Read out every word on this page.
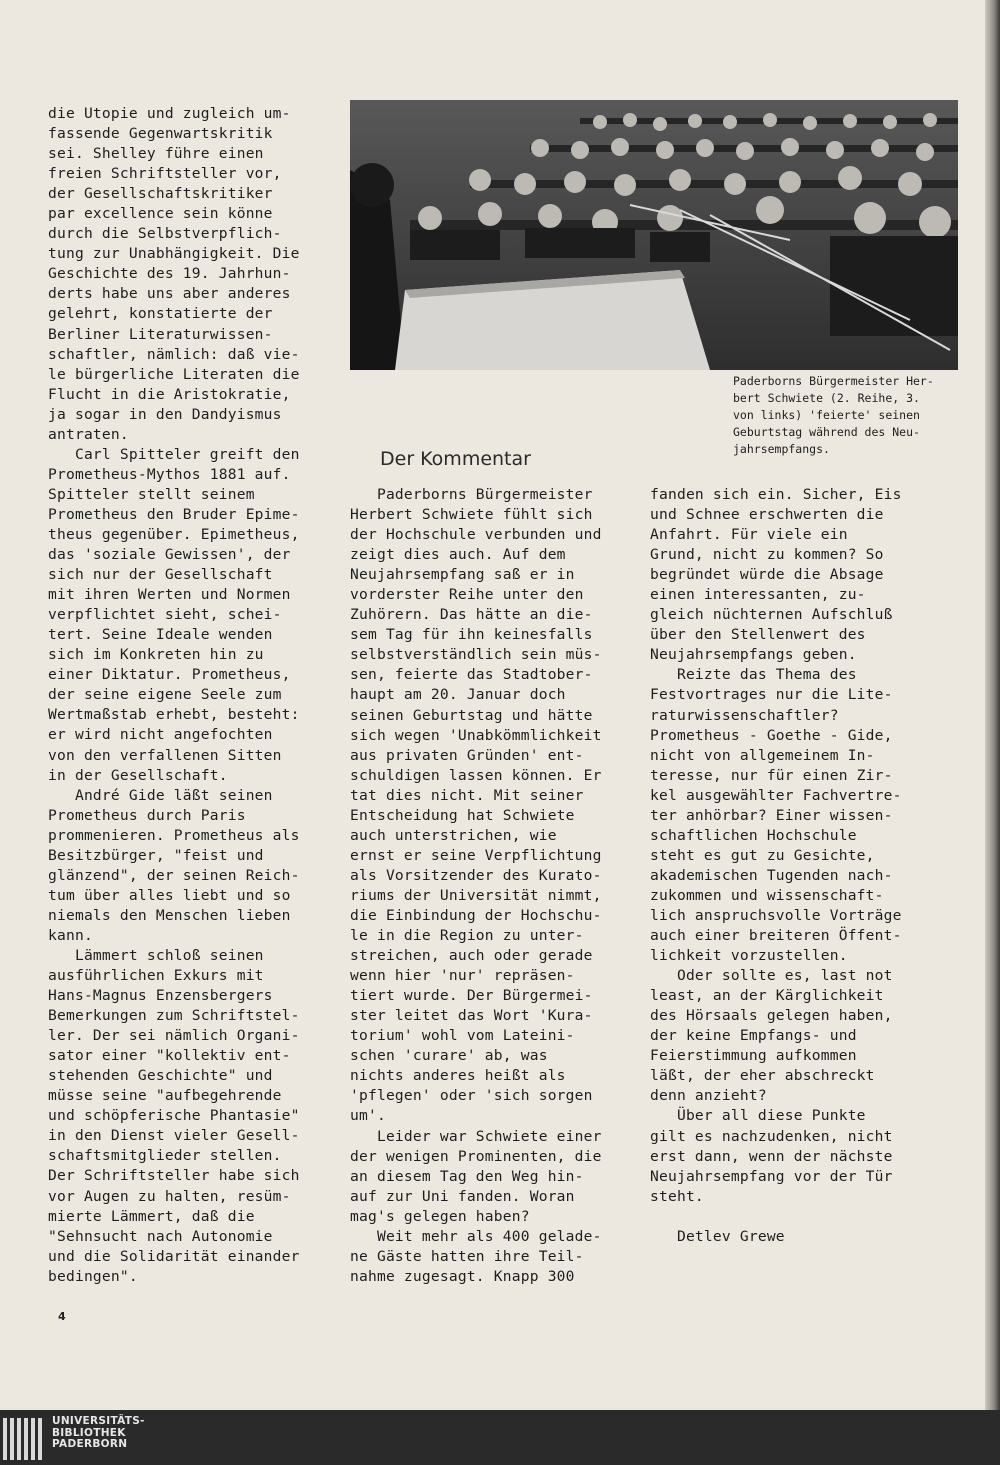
die Utopie und zugleich um-
fassende Gegenwartskritik
sei. Shelley führe einen
freien Schriftsteller vor,
der Gesellschaftskritiker
par excellence sein könne
durch die Selbstverpflich-
tung zur Unabhängigkeit. Die
Geschichte des 19. Jahrhun-
derts habe uns aber anderes
gelehrt, konstatierte der
Berliner Literaturwissen-
schaftler, nämlich: daß vie-
le bürgerliche Literaten die
Flucht in die Aristokratie,
ja sogar in den Dandyismus
antraten.
Carl Spitteler greift den
Prometheus-Mythos 1881 auf.
Spitteler stellt seinem
Prometheus den Bruder Epime-
theus gegenüber. Epimetheus,
das 'soziale Gewissen', der
sich nur der Gesellschaft
mit ihren Werten und Normen
verpflichtet sieht, schei-
tert. Seine Ideale wenden
sich im Konkreten hin zu
einer Diktatur. Prometheus,
der seine eigene Seele zum
Wertmaßstab erhebt, besteht:
er wird nicht angefochten
von den verfallenen Sitten
in der Gesellschaft.
André Gide läßt seinen
Prometheus durch Paris
prommenieren. Prometheus als
Besitzbürger, "feist und
glänzend", der seinen Reich-
tum über alles liebt und so
niemals den Menschen lieben
kann.
Lämmert schloß seinen
ausführlichen Exkurs mit
Hans-Magnus Enzensbergers
Bemerkungen zum Schriftstel-
ler. Der sei nämlich Organi-
sator einer "kollektiv ent-
stehenden Geschichte" und
müsse seine "aufbegehrende
und schöpferische Phantasie"
in den Dienst vieler Gesell-
schaftsmitglieder stellen.
Der Schriftsteller habe sich
vor Augen zu halten, resüm-
mierte Lämmert, daß die
"Sehnsucht nach Autonomie
und die Solidarität einander
bedingen".
Paderborns Bürgermeister Her-
bert Schwiete (2. Reihe, 3.
von links) 'feierte' seinen
Geburtstag während des Neu-
jahrsempfangs.
Der Kommentar
Paderborns Bürgermeister
Herbert Schwiete fühlt sich
der Hochschule verbunden und
zeigt dies auch. Auf dem
Neujahrsempfang saß er in
vorderster Reihe unter den
Zuhörern. Das hätte an die-
sem Tag für ihn keinesfalls
selbstverständlich sein müs-
sen, feierte das Stadtober-
haupt am 20. Januar doch
seinen Geburtstag und hätte
sich wegen 'Unabkömmlichkeit
aus privaten Gründen' ent-
schuldigen lassen können. Er
tat dies nicht. Mit seiner
Entscheidung hat Schwiete
auch unterstrichen, wie
ernst er seine Verpflichtung
als Vorsitzender des Kurato-
riums der Universität nimmt,
die Einbindung der Hochschu-
le in die Region zu unter-
streichen, auch oder gerade
wenn hier 'nur' repräsen-
tiert wurde. Der Bürgermei-
ster leitet das Wort 'Kura-
torium' wohl vom Lateini-
schen 'curare' ab, was
nichts anderes heißt als
'pflegen' oder 'sich sorgen
um'.
Leider war Schwiete einer
der wenigen Prominenten, die
an diesem Tag den Weg hin-
auf zur Uni fanden. Woran
mag's gelegen haben?
Weit mehr als 400 gelade-
ne Gäste hatten ihre Teil-
nahme zugesagt. Knapp 300
fanden sich ein. Sicher, Eis
und Schnee erschwerten die
Anfahrt. Für viele ein
Grund, nicht zu kommen? So
begründet würde die Absage
einen interessanten, zu-
gleich nüchternen Aufschluß
über den Stellenwert des
Neujahrsempfangs geben.
Reizte das Thema des
Festvortrages nur die Lite-
raturwissenschaftler?
Prometheus - Goethe - Gide,
nicht von allgemeinem In-
teresse, nur für einen Zir-
kel ausgewählter Fachvertre-
ter anhörbar? Einer wissen-
schaftlichen Hochschule
steht es gut zu Gesichte,
akademischen Tugenden nach-
zukommen und wissenschaft-
lich anspruchsvolle Vorträge
auch einer breiteren Öffent-
lichkeit vorzustellen.
Oder sollte es, last not
least, an der Kärglichkeit
des Hörsaals gelegen haben,
der keine Empfangs- und
Feierstimmung aufkommen
läßt, der eher abschreckt
denn anzieht?
Über all diese Punkte
gilt es nachzudenken, nicht
erst dann, wenn der nächste
Neujahrsempfang vor der Tür
steht.

Detlev Grewe
4
UNIVERSITÄTS-
BIBLIOTHEK
PADERBORN
